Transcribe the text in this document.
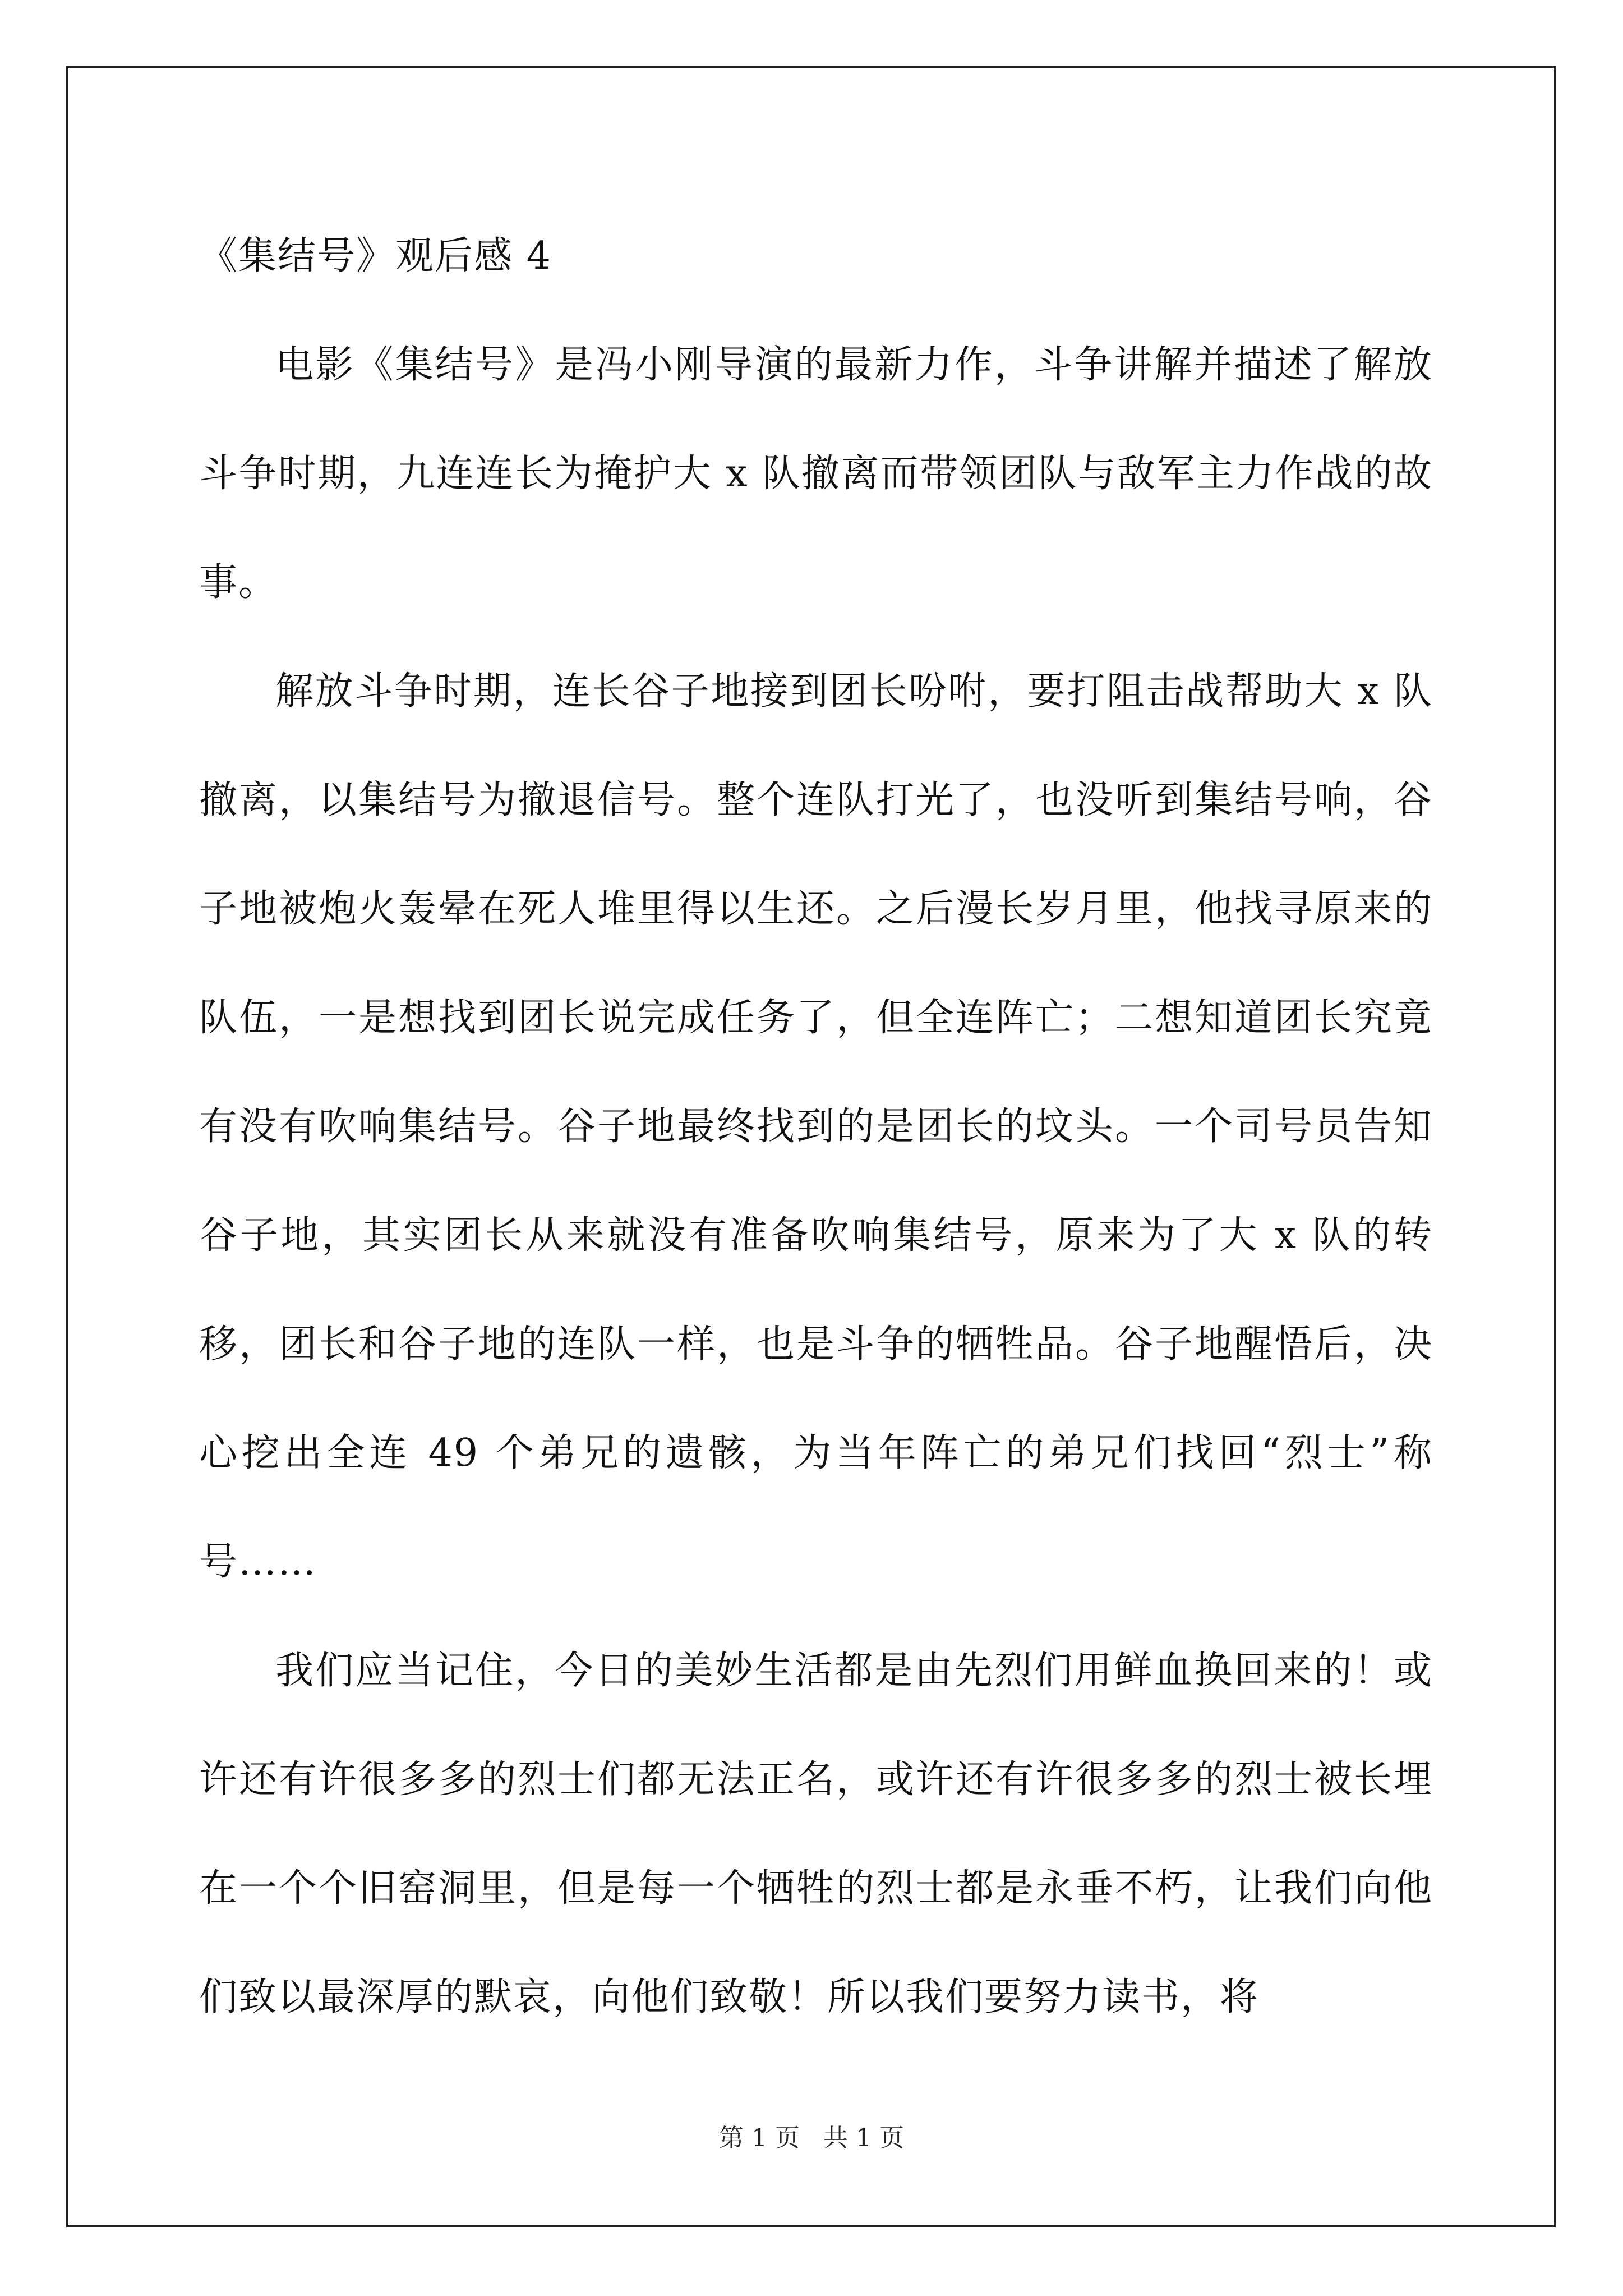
《集结号》观后感 4

电影《集结号》是冯小刚导演的最新力作，斗争讲解并描述了解放斗争时期，九连连长为掩护大 x 队撤离而带领团队与敌军主力作战的故事。

解放斗争时期，连长谷子地接到团长吩咐，要打阻击战帮助大 x 队撤离，以集结号为撤退信号。整个连队打光了，也没听到集结号响，谷子地被炮火轰晕在死人堆里得以生还。之后漫长岁月里，他找寻原来的队伍，一是想找到团长说完成任务了，但全连阵亡；二想知道团长究竟有没有吹响集结号。谷子地最终找到的是团长的坟头。一个司号员告知谷子地，其实团长从来就没有准备吹响集结号，原来为了大 x 队的转移，团长和谷子地的连队一样，也是斗争的牺牲品。谷子地醒悟后，决心挖出全连 49 个弟兄的遗骸，为当年阵亡的弟兄们找回“烈士”称号……

我们应当记住，今日的美妙生活都是由先烈们用鲜血换回来的！或许还有许很多多的烈士们都无法正名，或许还有许很多多的烈士被长埋在一个个旧窑洞里，但是每一个牺牲的烈士都是永垂不朽，让我们向他们致以最深厚的默哀，向他们致敬！所以我们要努力读书，将

第 1 页 共 1 页
